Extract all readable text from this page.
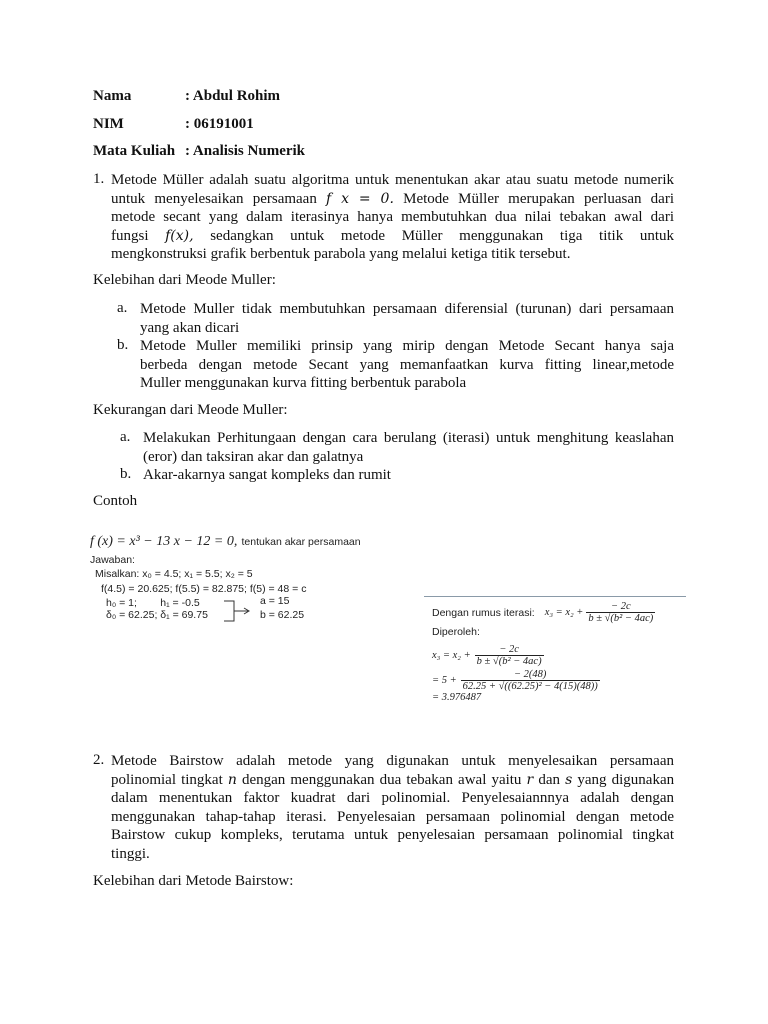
Nama	: Abdul Rohim
NIM	: 06191001
Mata Kuliah : Analisis Numerik
1. Metode Müller adalah suatu algoritma untuk menentukan akar atau suatu metode numerik
untuk menyelesaikan persamaan f x = 0. Metode Müller merupakan perluasan dari
metode secant yang dalam iterasinya hanya membutuhkan dua nilai tebakan awal dari
fungsi f(x), sedangkan untuk metode Müller menggunakan tiga titik untuk
mengkonstruksi grafik berbentuk parabola yang melalui ketiga titik tersebut.
Kelebihan dari Meode Muller:
a. Metode Muller tidak membutuhkan persamaan diferensial (turunan) dari persamaan
yang akan dicari
b. Metode Muller memiliki prinsip yang mirip dengan Metode Secant hanya saja
berbeda dengan metode Secant yang memanfaatkan kurva fitting linear,metode
Muller menggunakan kurva fitting berbentuk parabola
Kekurangan dari Meode Muller:
a. Melakukan Perhitungaan dengan cara berulang (iterasi) untuk menghitung keaslahan
(eror) dan taksiran akar dan galatnya
b. Akar-akarnya sangat kompleks dan rumit
Contoh
f (x) = x³ − 13 x − 12 = 0, tentukan akar persamaan
Jawaban:
Misalkan: x₀ = 4.5; x₁ = 5.5; x₂ = 5
f(4.5) = 20.625; f(5.5) = 82.875; f(5) = 48 = c
h₀ = 1;        h₁ = -0.5
δ₀ = 62.25; δ₁ = 69.75
a = 15
b = 62.25	Dengan rumus iterasi: $x_3 = x_2 + \frac{- 2c}{\text{b ± √(b² − 4ac)}}$
Diperoleh:
$x_3 = x_2 + \frac{- 2c}{\text{b ± √(b² − 4ac)}}$
= $5 + \frac{- 2(48)}{\text{62.25 + √((62.25)² − 4(15)(48))}}$
= 3.976487
2. Metode Bairstow adalah metode yang digunakan untuk menyelesaikan persamaan
polinomial tingkat n dengan menggunakan dua tebakan awal yaitu r dan s yang digunakan
dalam menentukan faktor kuadrat dari polinomial. Penyelesaiannnya adalah dengan
menggunakan tahap-tahap iterasi. Penyelesaian persamaan polinomial dengan metode
Bairstow cukup kompleks, terutama untuk penyelesaian persamaan polinomial tingkat
tinggi.
Kelebihan dari Metode Bairstow:
